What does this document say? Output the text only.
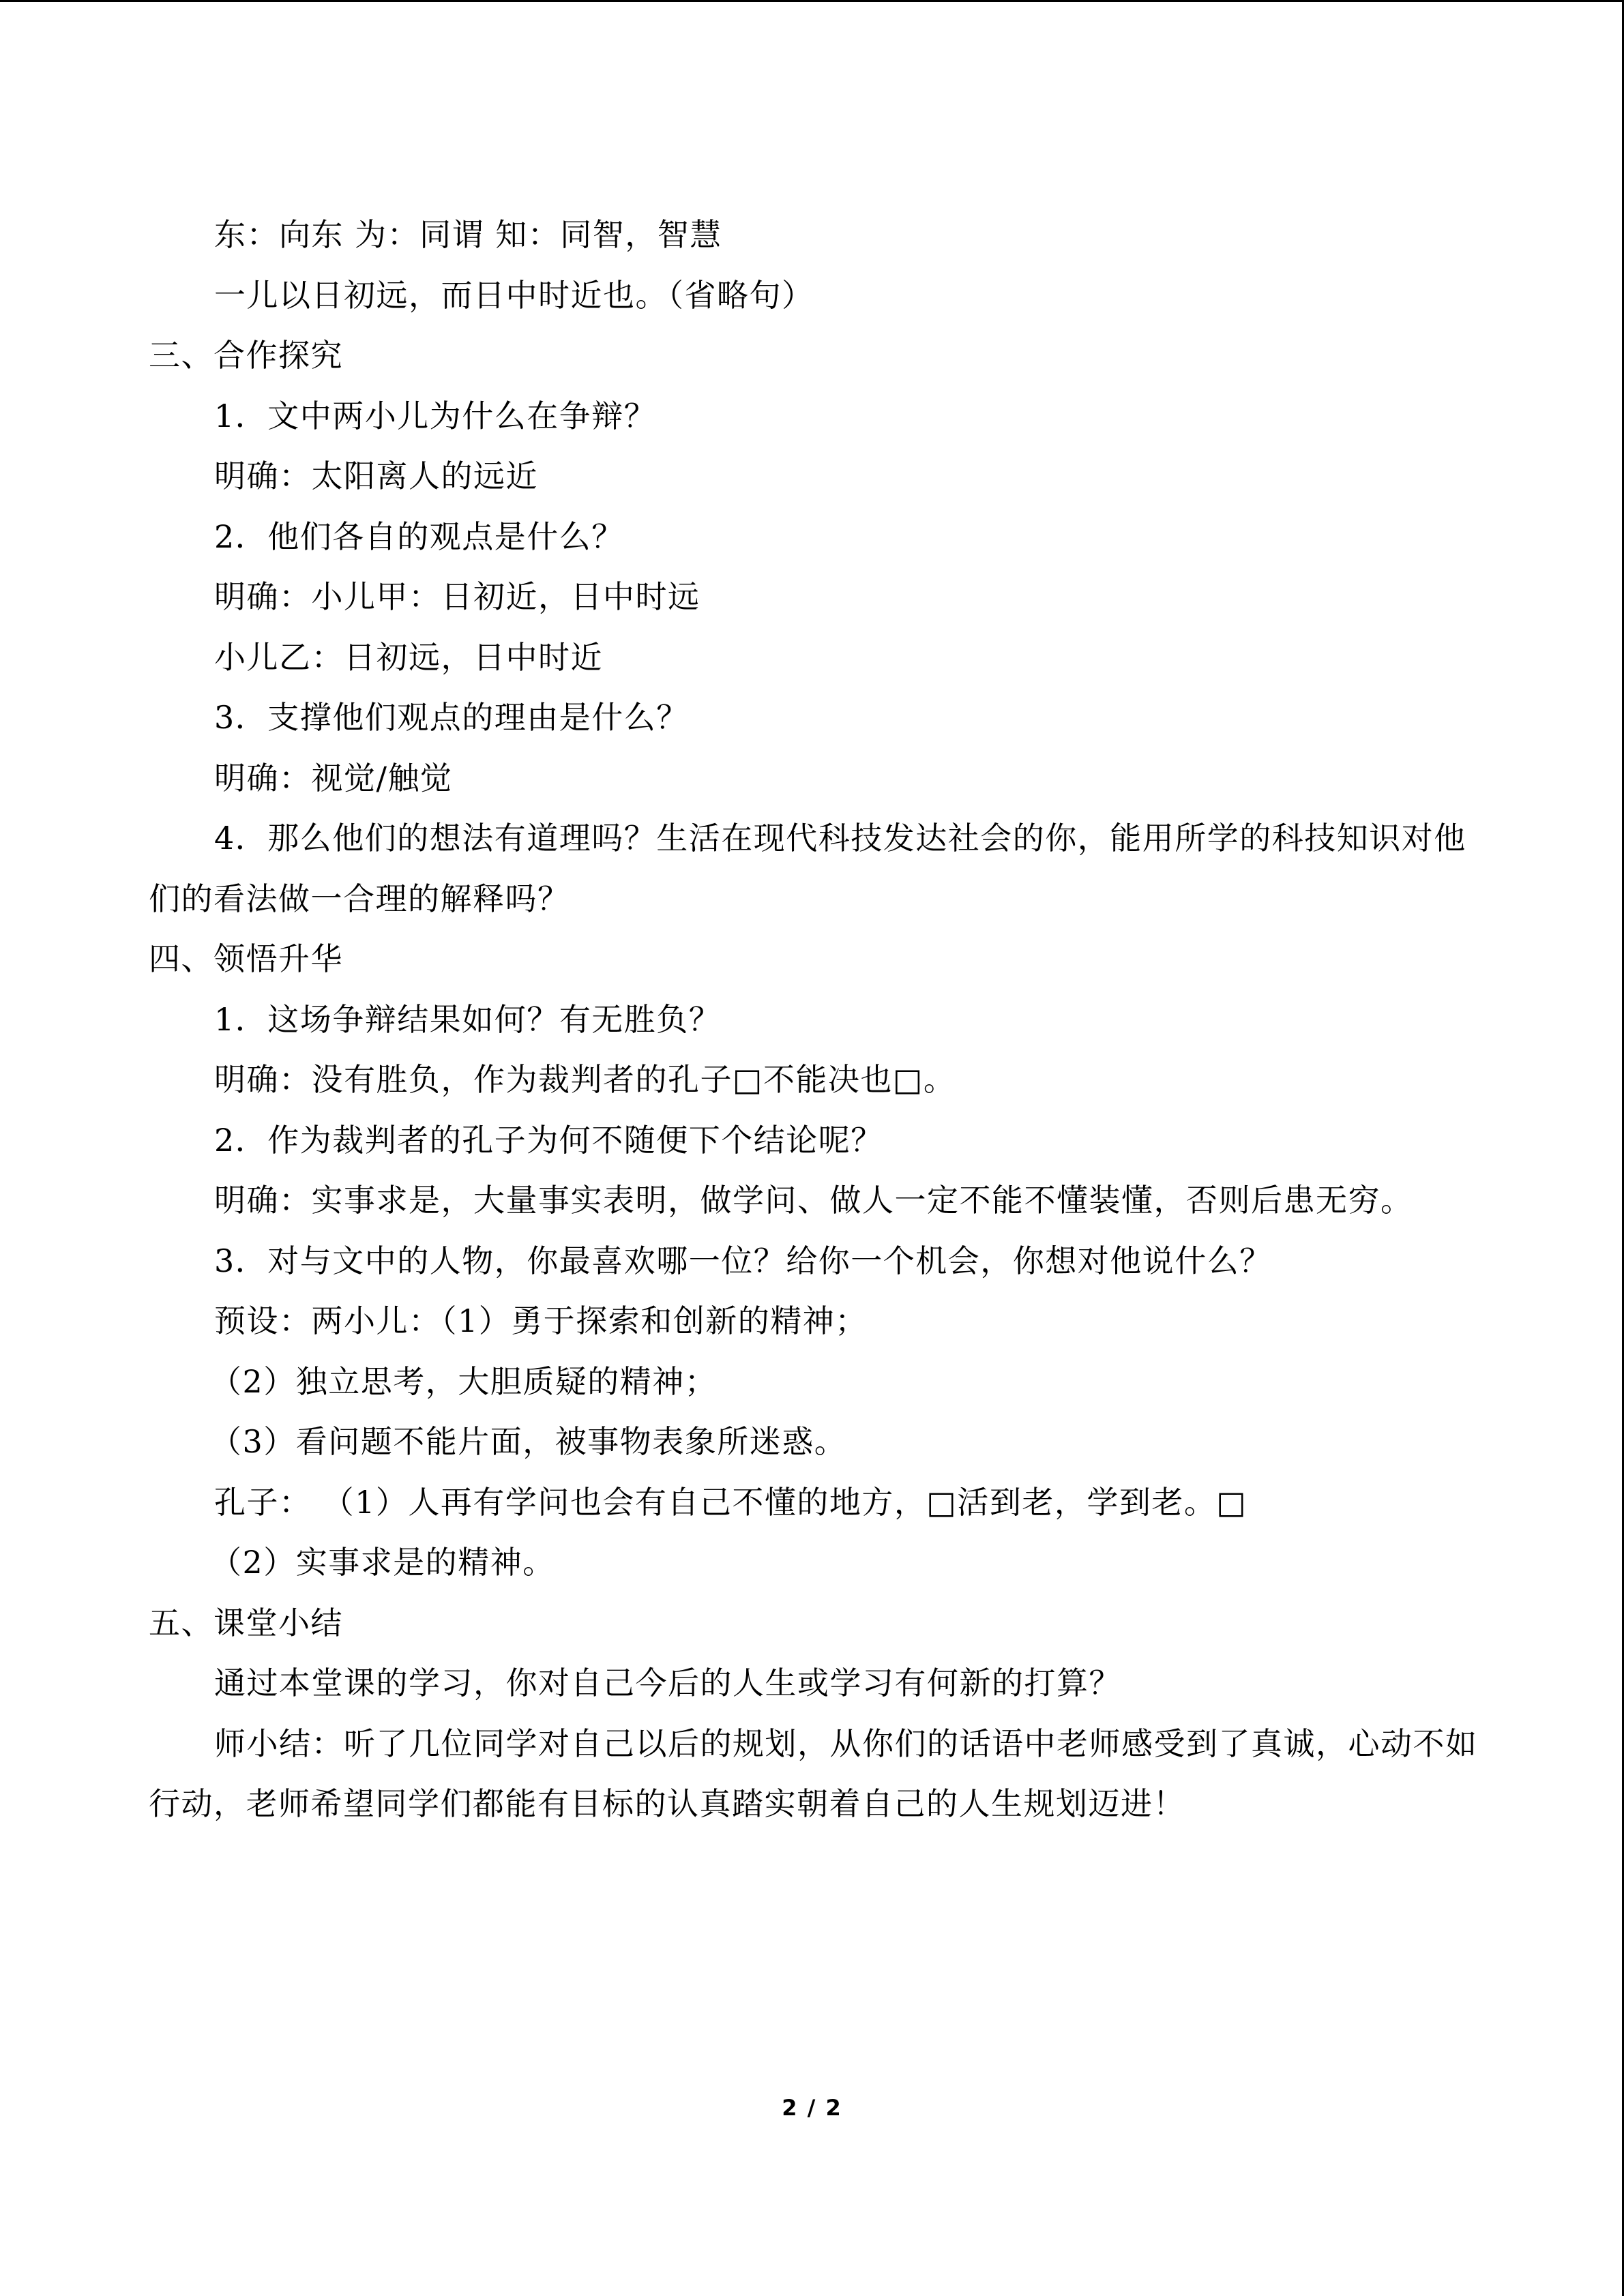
东：向东 为：同谓 知：同智，智慧
一儿以日初远，而日中时近也。（省略句）
三、合作探究
1．文中两小儿为什么在争辩？
明确：太阳离人的远近
2．他们各自的观点是什么？
明确：小儿甲：日初近，日中时远
小儿乙：日初远，日中时近
3．支撑他们观点的理由是什么？
明确：视觉/触觉
4．那么他们的想法有道理吗？生活在现代科技发达社会的你，能用所学的科技知识对他们的看法做一合理的解释吗？
四、领悟升华
1．这场争辩结果如何？有无胜负？
明确：没有胜负，作为裁判者的孔子□不能决也□。
2．作为裁判者的孔子为何不随便下个结论呢？
明确：实事求是，大量事实表明，做学问、做人一定不能不懂装懂，否则后患无穷。
3．对与文中的人物，你最喜欢哪一位？给你一个机会，你想对他说什么？
预设：两小儿：（1）勇于探索和创新的精神；
（2）独立思考，大胆质疑的精神；
（3）看问题不能片面，被事物表象所迷惑。
孔子： （1）人再有学问也会有自己不懂的地方，□活到老，学到老。□
（2）实事求是的精神。
五、课堂小结
通过本堂课的学习，你对自己今后的人生或学习有何新的打算？
师小结：听了几位同学对自己以后的规划，从你们的话语中老师感受到了真诚，心动不如行动，老师希望同学们都能有目标的认真踏实朝着自己的人生规划迈进！
2 / 2
